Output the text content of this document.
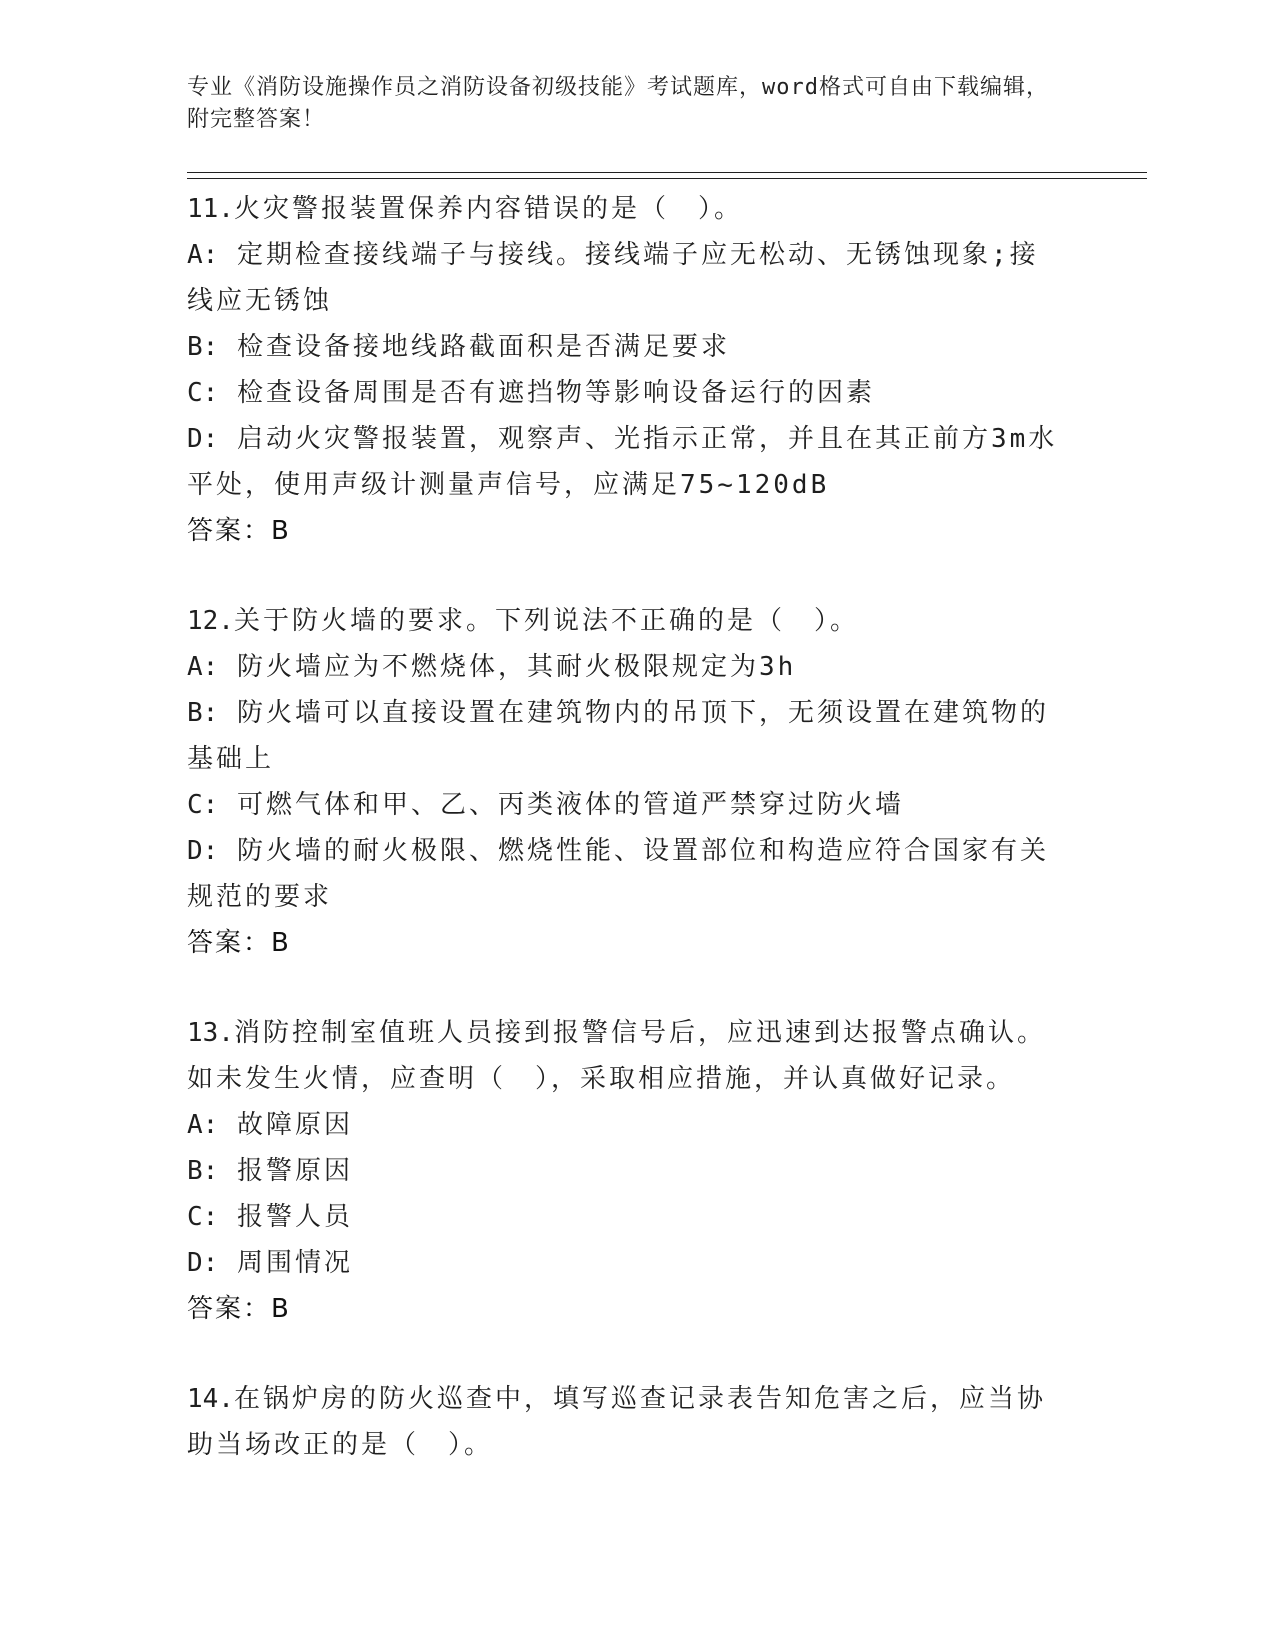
专业《消防设施操作员之消防设备初级技能》考试题库，word格式可自由下载编辑，附完整答案！
11.火灾警报装置保养内容错误的是（　）。
A: 定期检查接线端子与接线。接线端子应无松动、无锈蚀现象;接线应无锈蚀
B: 检查设备接地线路截面积是否满足要求
C: 检查设备周围是否有遮挡物等影响设备运行的因素
D: 启动火灾警报装置，观察声、光指示正常，并且在其正前方3m水平处，使用声级计测量声信号，应满足75~120dB
答案：B
12.关于防火墙的要求。下列说法不正确的是（　）。
A: 防火墙应为不燃烧体，其耐火极限规定为3h
B: 防火墙可以直接设置在建筑物内的吊顶下，无须设置在建筑物的基础上
C: 可燃气体和甲、乙、丙类液体的管道严禁穿过防火墙
D: 防火墙的耐火极限、燃烧性能、设置部位和构造应符合国家有关规范的要求
答案：B
13.消防控制室值班人员接到报警信号后，应迅速到达报警点确认。如未发生火情，应查明（　），采取相应措施，并认真做好记录。
A: 故障原因
B: 报警原因
C: 报警人员
D: 周围情况
答案：B
14.在锅炉房的防火巡查中，填写巡查记录表告知危害之后，应当协助当场改正的是（　）。
